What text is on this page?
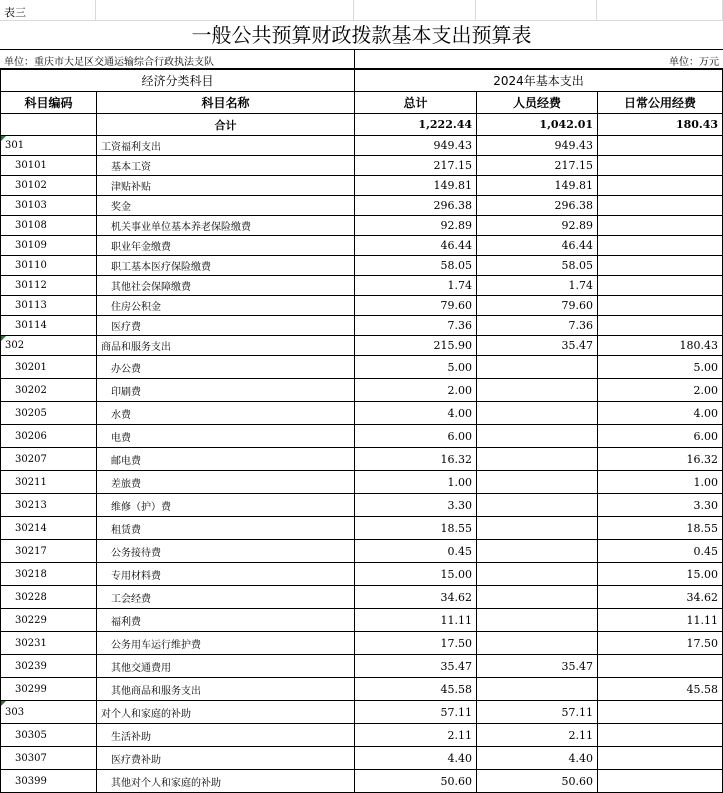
表三
一般公共预算财政拨款基本支出预算表
单位：重庆市大足区交通运输综合行政执法支队	单位：万元
经济分类科目		2024年基本支出		
科目编码	科目名称	总计	人员经费	日常公用经费
	合计	1,222.44	1,042.01	180.43
301	工资福利支出	949.43	949.43	
30101	基本工资	217.15	217.15	
30102	津贴补贴	149.81	149.81	
30103	奖金	296.38	296.38	
30108	机关事业单位基本养老保险缴费	92.89	92.89	
30109	职业年金缴费	46.44	46.44	
30110	职工基本医疗保险缴费	58.05	58.05	
30112	其他社会保障缴费	1.74	1.74	
30113	住房公积金	79.60	79.60	
30114	医疗费	7.36	7.36	
302	商品和服务支出	215.90	35.47	180.43
30201	办公费	5.00		5.00
30202	印刷费	2.00		2.00
30205	水费	4.00		4.00
30206	电费	6.00		6.00
30207	邮电费	16.32		16.32
30211	差旅费	1.00		1.00
30213	维修（护）费	3.30		3.30
30214	租赁费	18.55		18.55
30217	公务接待费	0.45		0.45
30218	专用材料费	15.00		15.00
30228	工会经费	34.62		34.62
30229	福利费	11.11		11.11
30231	公务用车运行维护费	17.50		17.50
30239	其他交通费用	35.47	35.47	
30299	其他商品和服务支出	45.58		45.58
303	对个人和家庭的补助	57.11	57.11	
30305	生活补助	2.11	2.11	
30307	医疗费补助	4.40	4.40	
30399	其他对个人和家庭的补助	50.60	50.60	
